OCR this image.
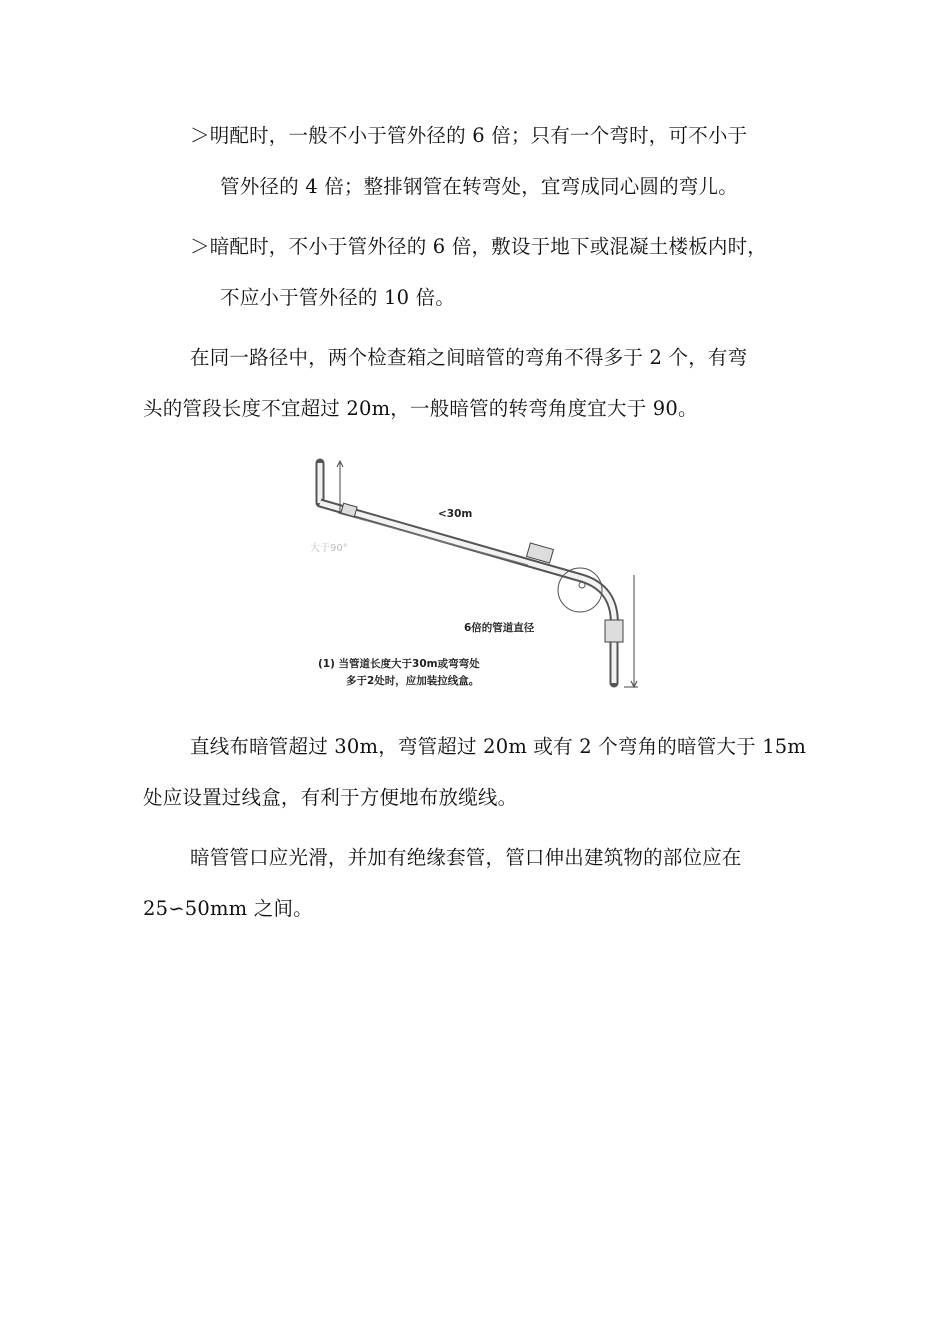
＞明配时，一般不小于管外径的 6 倍；只有一个弯时，可不小于
管外径的 4 倍；整排钢管在转弯处，宜弯成同心圆的弯儿。
＞暗配时，不小于管外径的 6 倍，敷设于地下或混凝土楼板内时，
不应小于管外径的 10 倍。
在同一路径中，两个检查箱之间暗管的弯角不得多于 2 个，有弯
头的管段长度不宜超过 20m，一般暗管的转弯角度宜大于 90。
<30m
大于90°
6倍的管道直径
(1) 当管道长度大于30m或弯弯处
多于2处时，应加装拉线盒。
直线布暗管超过 30m，弯管超过 20m 或有 2 个弯角的暗管大于 15m
处应设置过线盒，有利于方便地布放缆线。
暗管管口应光滑，并加有绝缘套管，管口伸出建筑物的部位应在
25∽50mm 之间。
